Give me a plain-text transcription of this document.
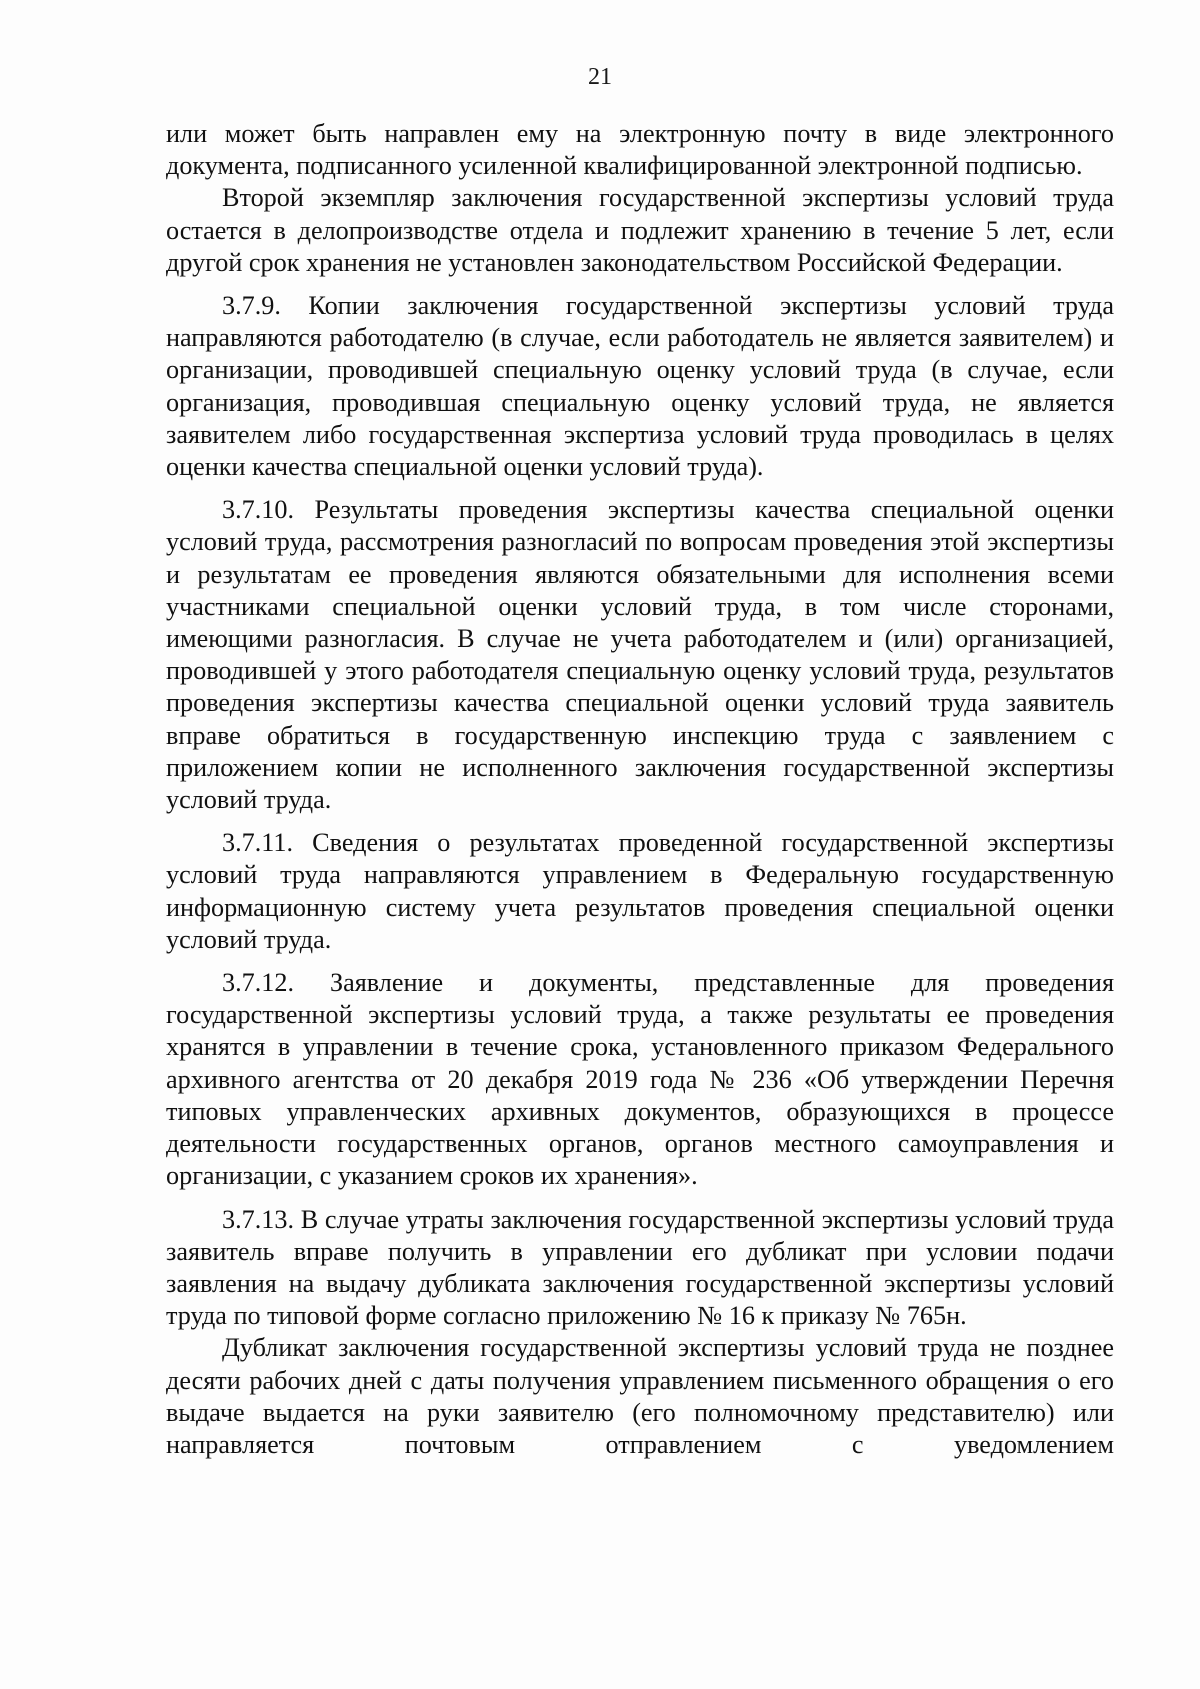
21

или может быть направлен ему на электронную почту в виде электронного документа, подписанного усиленной квалифицированной электронной подписью.

Второй экземпляр заключения государственной экспертизы условий труда остается в делопроизводстве отдела и подлежит хранению в течение 5 лет, если другой срок хранения не установлен законодательством Российской Федерации.

3.7.9. Копии заключения государственной экспертизы условий труда направляются работодателю (в случае, если работодатель не является заявителем) и организации, проводившей специальную оценку условий труда (в случае, если организация, проводившая специальную оценку условий труда, не является заявителем либо государственная экспертиза условий труда проводилась в целях оценки качества специальной оценки условий труда).

3.7.10. Результаты проведения экспертизы качества специальной оценки условий труда, рассмотрения разногласий по вопросам проведения этой экспертизы и результатам ее проведения являются обязательными для исполнения всеми участниками специальной оценки условий труда, в том числе сторонами, имеющими разногласия. В случае не учета работодателем и (или) организацией, проводившей у этого работодателя специальную оценку условий труда, результатов проведения экспертизы качества специальной оценки условий труда заявитель вправе обратиться в государственную инспекцию труда с заявлением с приложением копии не исполненного заключения государственной экспертизы условий труда.

3.7.11. Сведения о результатах проведенной государственной экспертизы условий труда направляются управлением в Федеральную государственную информационную систему учета результатов проведения специальной оценки условий труда.

3.7.12. Заявление и документы, представленные для проведения государственной экспертизы условий труда, а также результаты ее проведения хранятся в управлении в течение срока, установленного приказом Федерального архивного агентства от 20 декабря 2019 года № 236 «Об утверждении Перечня типовых управленческих архивных документов, образующихся в процессе деятельности государственных органов, органов местного самоуправления и организации, с указанием сроков их хранения».

3.7.13. В случае утраты заключения государственной экспертизы условий труда заявитель вправе получить в управлении его дубликат при условии подачи заявления на выдачу дубликата заключения государственной экспертизы условий труда по типовой форме согласно приложению № 16 к приказу № 765н.

Дубликат заключения государственной экспертизы условий труда не позднее десяти рабочих дней с даты получения управлением письменного обращения о его выдаче выдается на руки заявителю (его полномочному представителю) или направляется почтовым отправлением с уведомлением
